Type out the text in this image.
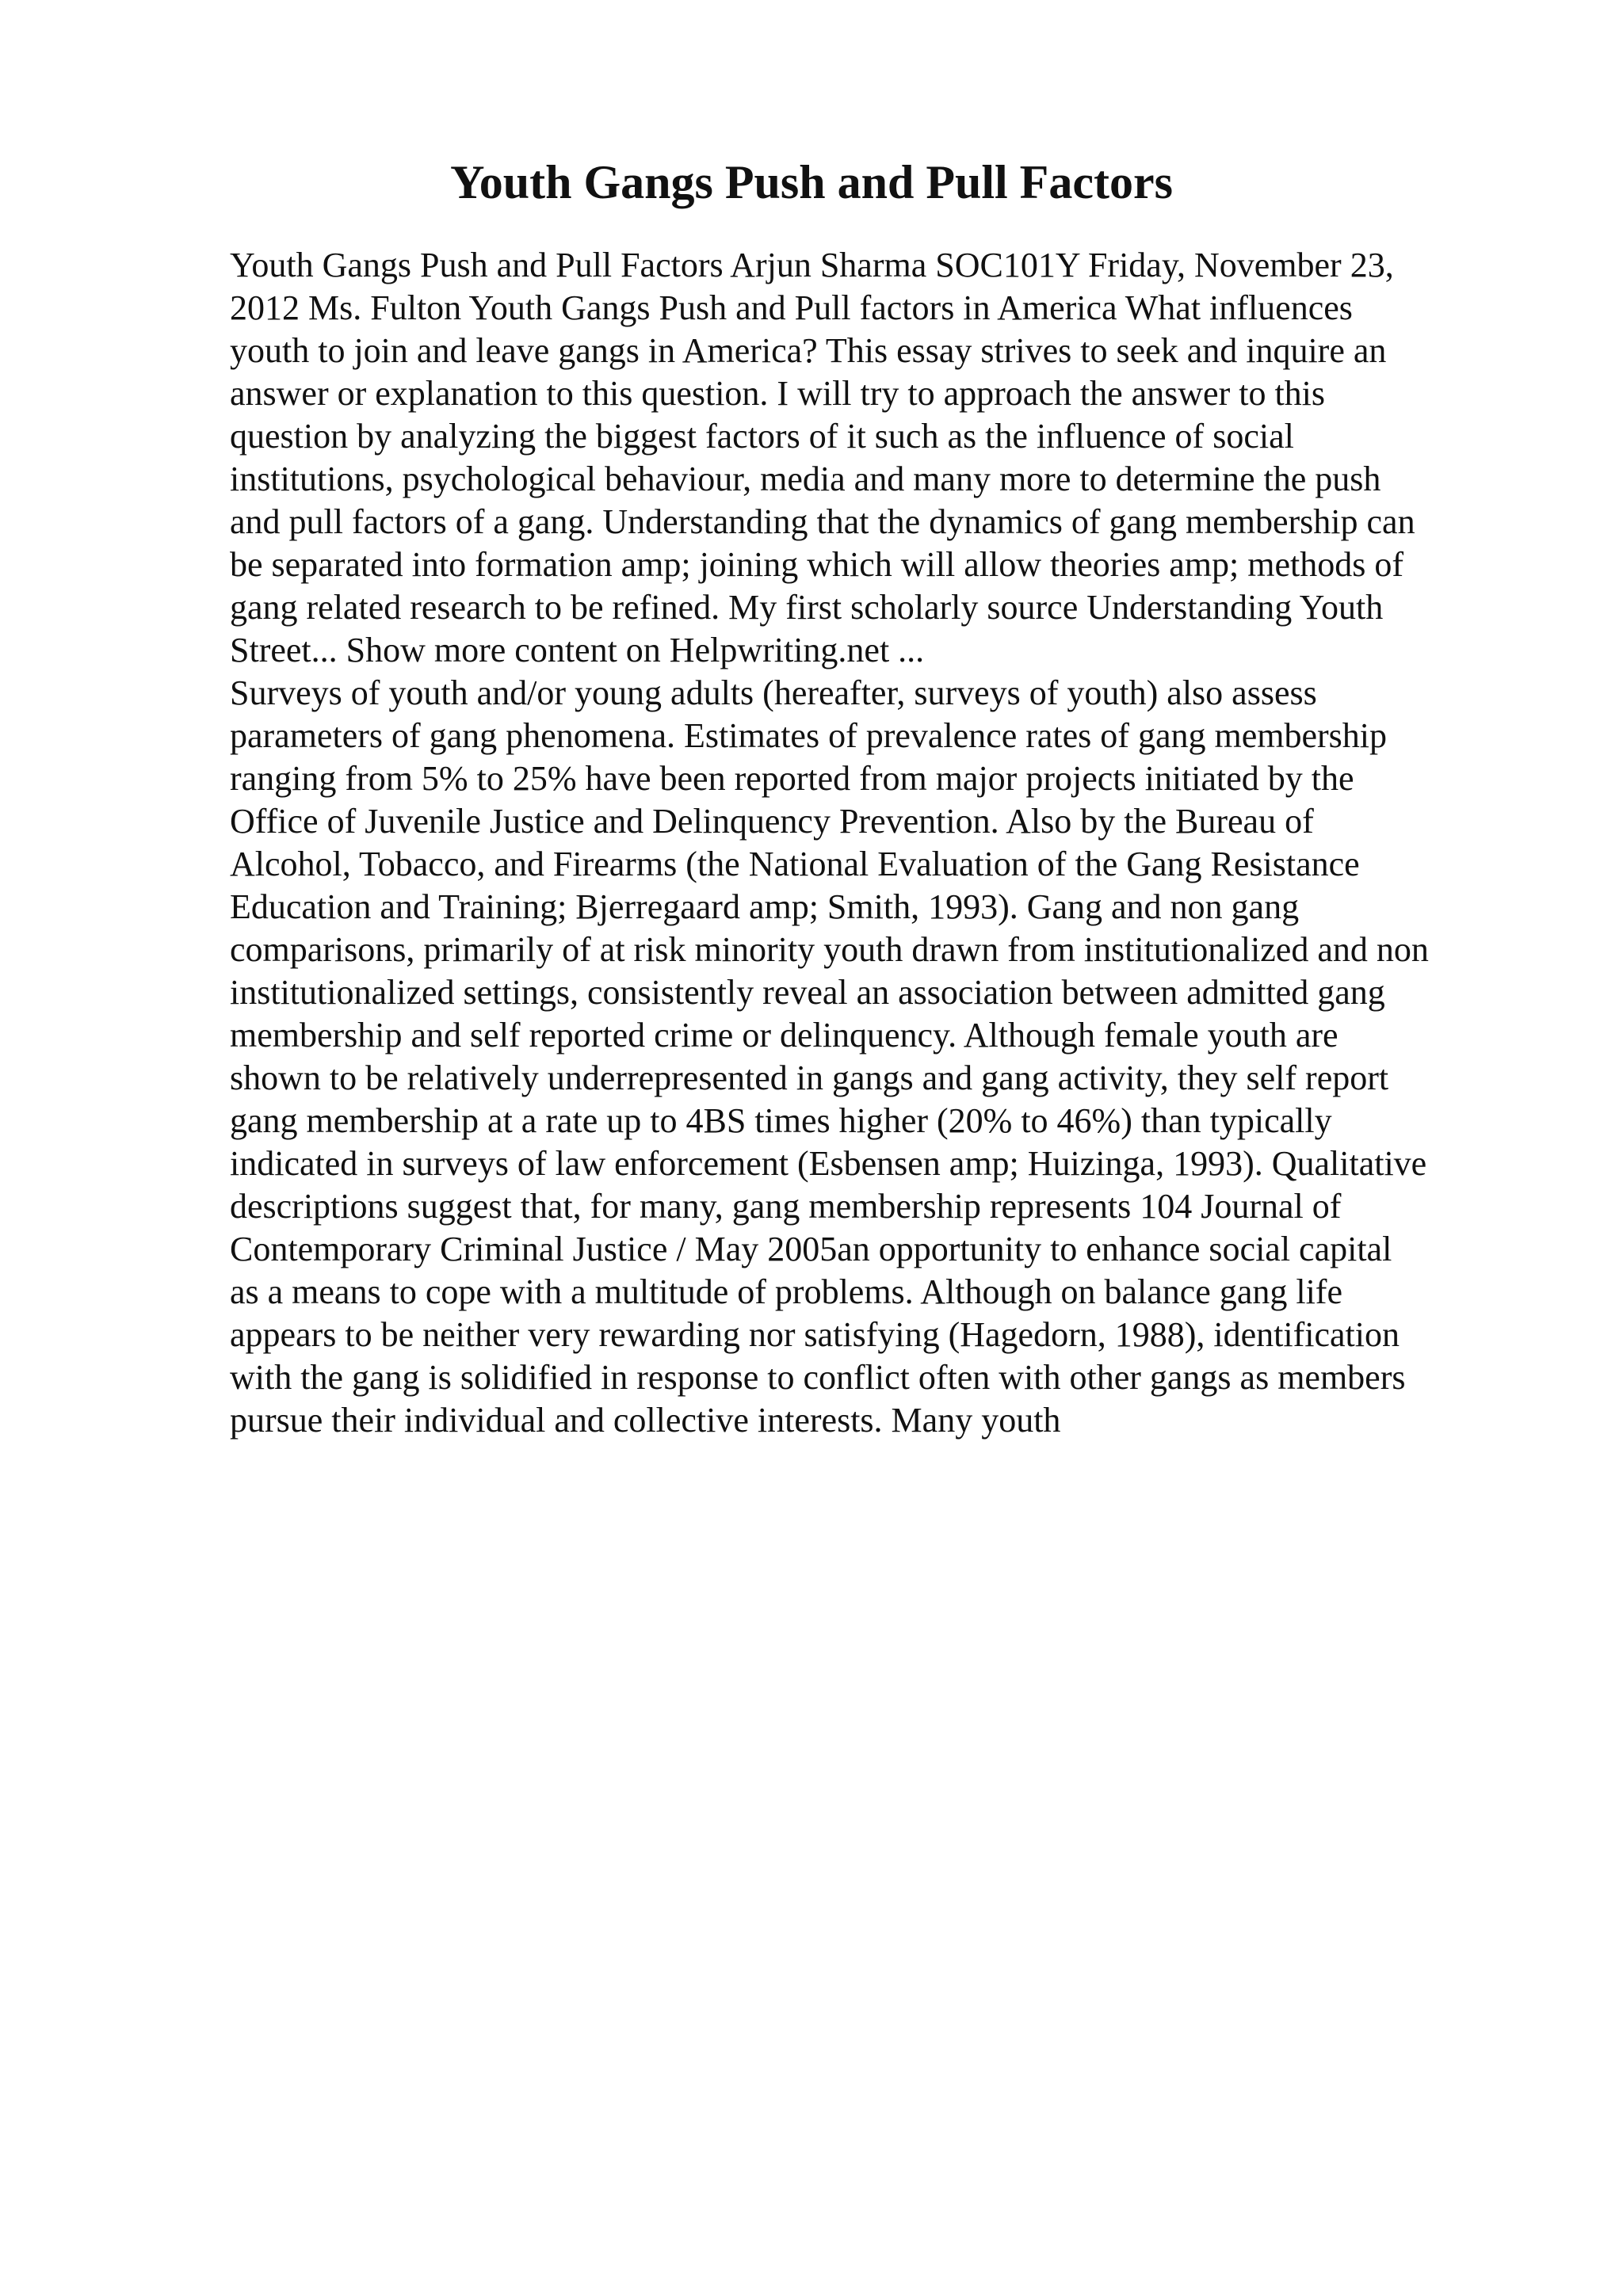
Youth Gangs Push and Pull Factors
Youth Gangs Push and Pull Factors Arjun Sharma SOC101Y Friday, November 23,
2012 Ms. Fulton Youth Gangs Push and Pull factors in America What influences
youth to join and leave gangs in America? This essay strives to seek and inquire an
answer or explanation to this question. I will try to approach the answer to this
question by analyzing the biggest factors of it such as the influence of social
institutions, psychological behaviour, media and many more to determine the push
and pull factors of a gang. Understanding that the dynamics of gang membership can
be separated into formation amp; joining which will allow theories amp; methods of
gang related research to be refined. My first scholarly source Understanding Youth
Street... Show more content on Helpwriting.net ...
Surveys of youth and/or young adults (hereafter, surveys of youth) also assess
parameters of gang phenomena. Estimates of prevalence rates of gang membership
ranging from 5% to 25% have been reported from major projects initiated by the
Office of Juvenile Justice and Delinquency Prevention. Also by the Bureau of
Alcohol, Tobacco, and Firearms (the National Evaluation of the Gang Resistance
Education and Training; Bjerregaard amp; Smith, 1993). Gang and non gang
comparisons, primarily of at risk minority youth drawn from institutionalized and non
institutionalized settings, consistently reveal an association between admitted gang
membership and self reported crime or delinquency. Although female youth are
shown to be relatively underrepresented in gangs and gang activity, they self report
gang membership at a rate up to 4BS times higher (20% to 46%) than typically
indicated in surveys of law enforcement (Esbensen amp; Huizinga, 1993). Qualitative
descriptions suggest that, for many, gang membership represents 104 Journal of
Contemporary Criminal Justice / May 2005an opportunity to enhance social capital
as a means to cope with a multitude of problems. Although on balance gang life
appears to be neither very rewarding nor satisfying (Hagedorn, 1988), identification
with the gang is solidified in response to conflict often with other gangs as members
pursue their individual and collective interests. Many youth
